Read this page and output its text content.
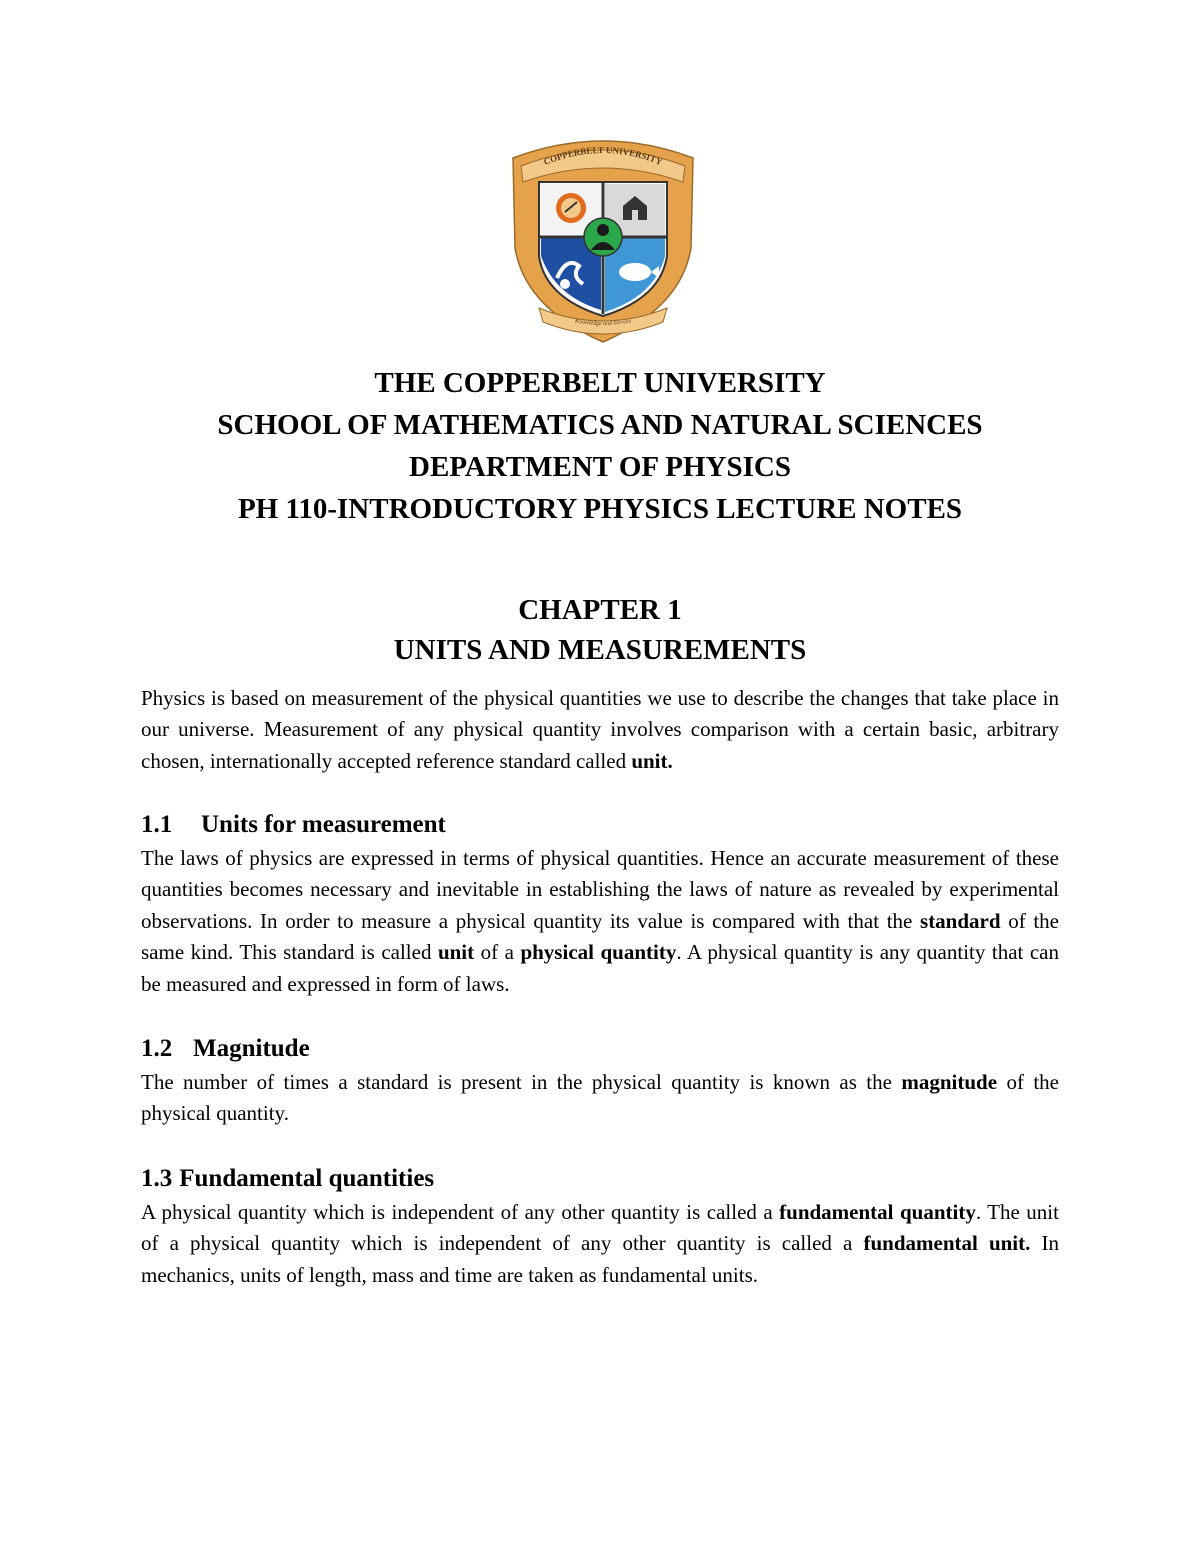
COPPERBELT UNIVERSITY
Knowledge and Service
THE COPPERBELT UNIVERSITY
SCHOOL OF MATHEMATICS AND NATURAL SCIENCES
DEPARTMENT OF PHYSICS
PH 110-INTRODUCTORY PHYSICS LECTURE NOTES
CHAPTER 1
UNITS AND MEASUREMENTS
Physics is based on measurement of the physical quantities we use to describe the changes that take place in our universe. Measurement of any physical quantity involves comparison with a certain basic, arbitrary chosen, internationally accepted reference standard called unit.
1.1 Units for measurement
The laws of physics are expressed in terms of physical quantities. Hence an accurate measurement of these quantities becomes necessary and inevitable in establishing the laws of nature as revealed by experimental observations. In order to measure a physical quantity its value is compared with that the standard of the same kind. This standard is called unit of a physical quantity. A physical quantity is any quantity that can be measured and expressed in form of laws.
1.2 Magnitude
The number of times a standard is present in the physical quantity is known as the magnitude of the physical quantity.
1.3 Fundamental quantities
A physical quantity which is independent of any other quantity is called a fundamental quantity. The unit of a physical quantity which is independent of any other quantity is called a fundamental unit. In mechanics, units of length, mass and time are taken as fundamental units.
